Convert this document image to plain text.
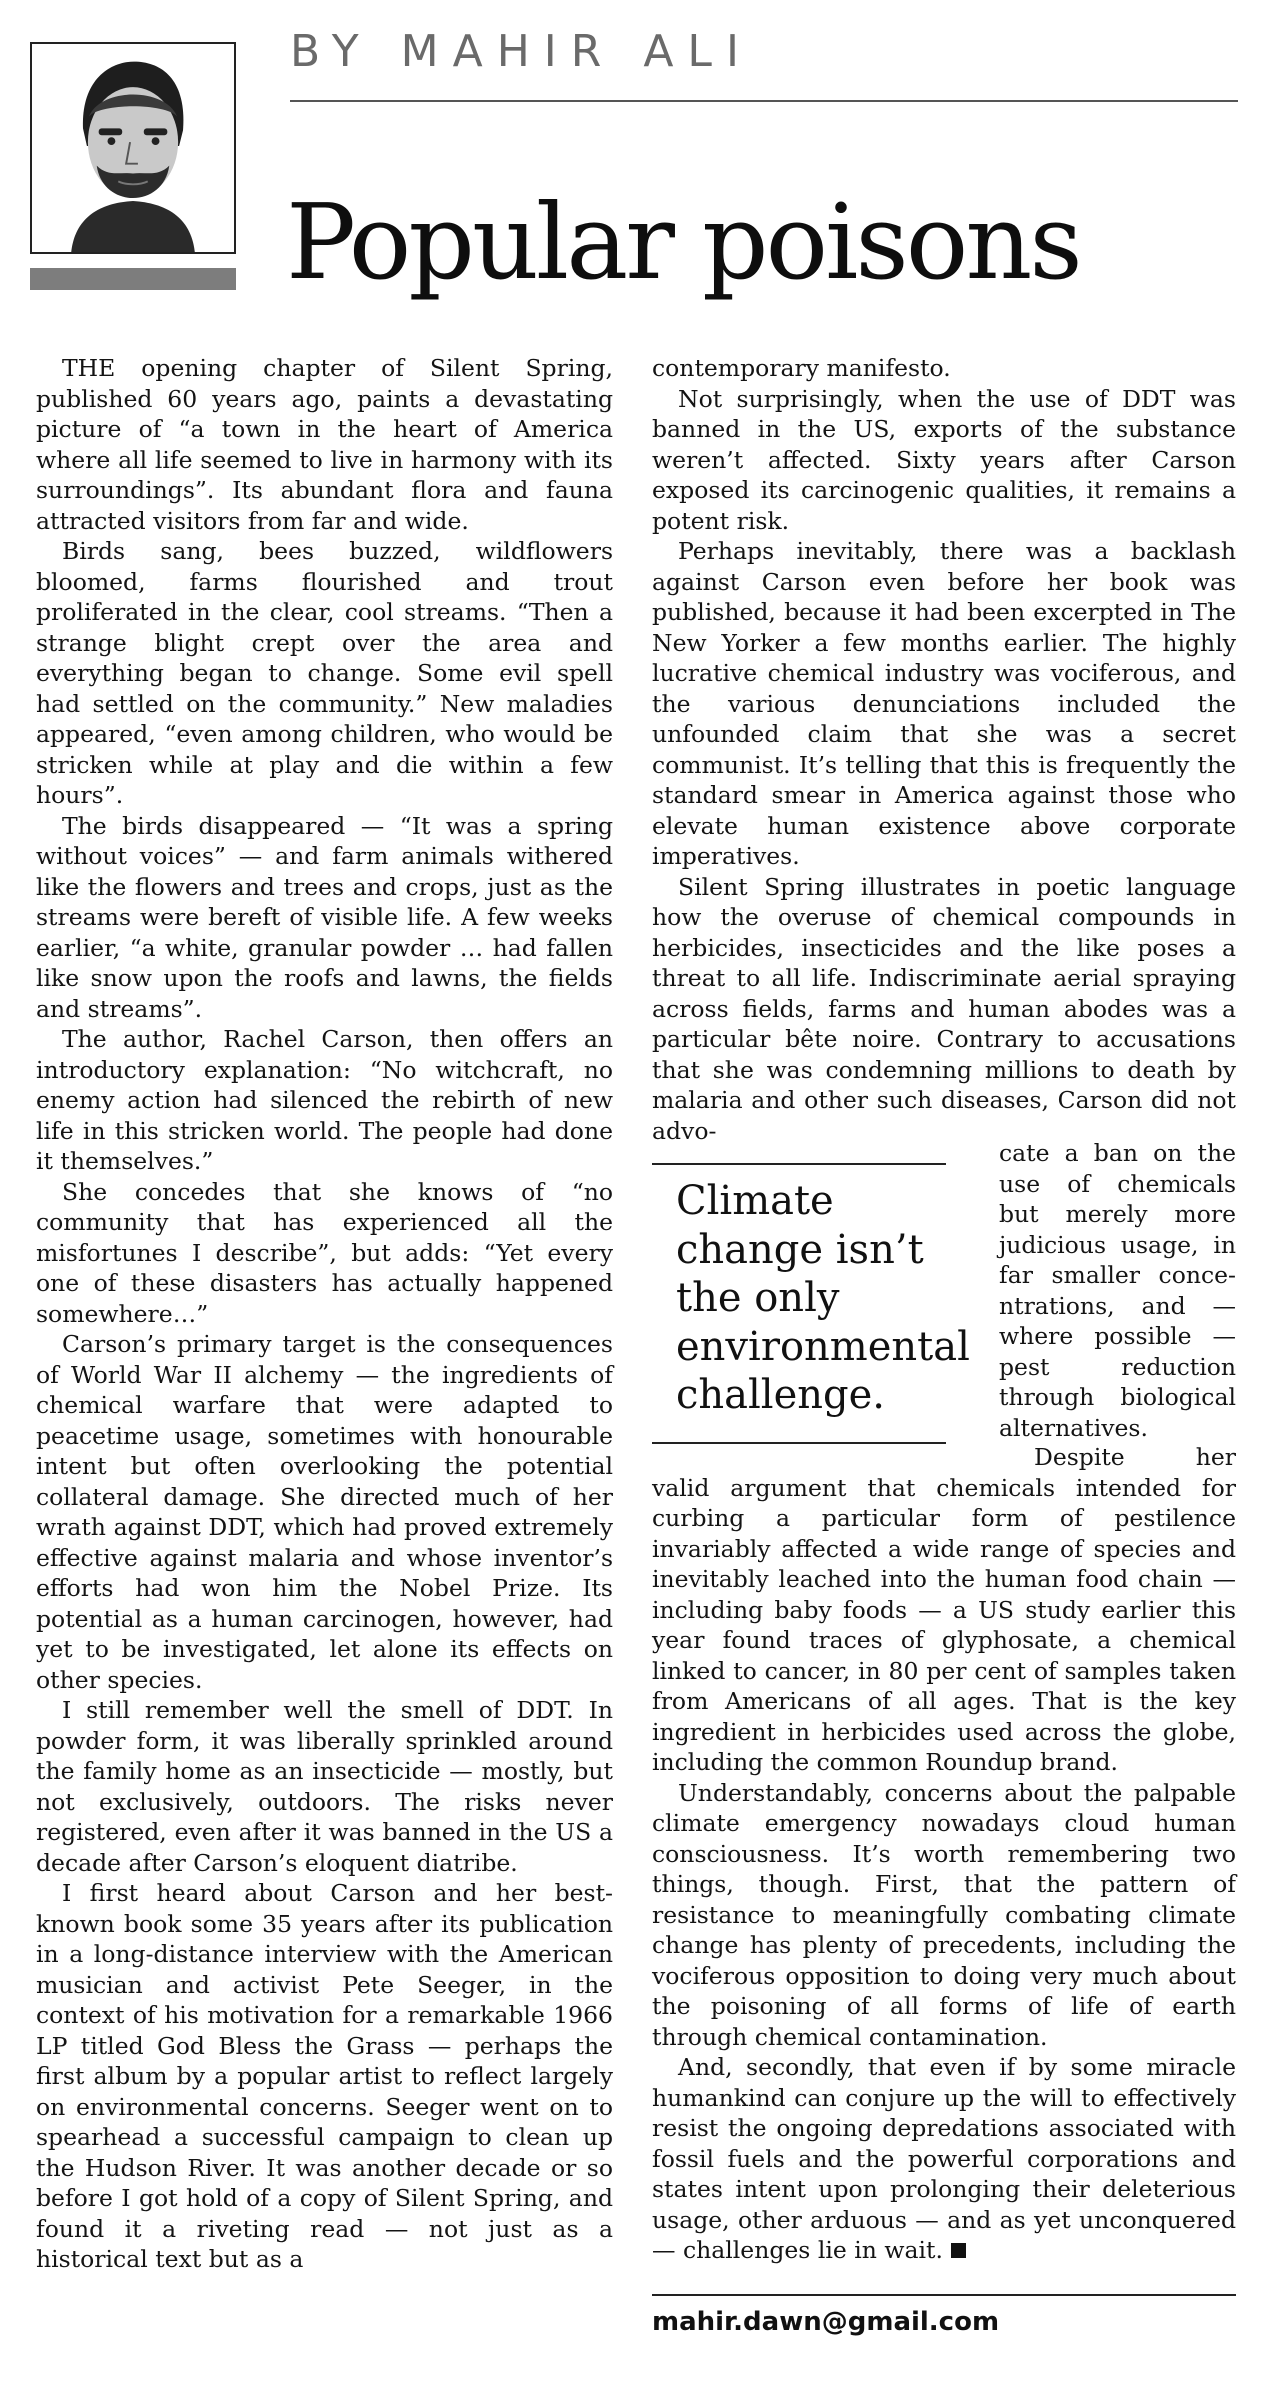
BY MAHIR ALI
Popular poisons

THE opening chapter of Silent Spring, published 60 years ago, paints a devastating picture of “a town in the heart of America where all life seemed to live in harmony with its surroundings”. Its abundant flora and fauna attracted visitors from far and wide.

Birds sang, bees buzzed, wildflowers bloomed, farms flourished and trout proliferated in the clear, cool streams. “Then a strange blight crept over the area and everything began to change. Some evil spell had settled on the community.” New maladies appeared, “even among children, who would be stricken while at play and die within a few hours”.

The birds disappeared — “It was a spring without voices” — and farm animals withered like the flowers and trees and crops, just as the streams were bereft of visible life. A few weeks earlier, “a white, granular powder … had fallen like snow upon the roofs and lawns, the fields and streams”.

The author, Rachel Carson, then offers an introductory explanation: “No witchcraft, no enemy action had silenced the rebirth of new life in this stricken world. The people had done it themselves.”

She concedes that she knows of “no community that has experienced all the misfortunes I describe”, but adds: “Yet every one of these disasters has actually happened somewhere…”

Carson’s primary target is the consequences of World War II alchemy — the ingredients of chemical warfare that were adapted to peacetime usage, sometimes with honourable intent but often overlooking the potential collateral damage. She directed much of her wrath against DDT, which had proved extremely effective against malaria and whose inventor’s efforts had won him the Nobel Prize. Its potential as a human carcinogen, however, had yet to be investigated, let alone its effects on other species.

I still remember well the smell of DDT. In powder form, it was liberally sprinkled around the family home as an insecticide — mostly, but not exclusively, outdoors. The risks never registered, even after it was banned in the US a decade after Carson’s eloquent diatribe.

I first heard about Carson and her best-known book some 35 years after its publication in a long-distance interview with the American musician and activist Pete Seeger, in the context of his motivation for a remarkable 1966 LP titled God Bless the Grass — perhaps the first album by a popular artist to reflect largely on environmental concerns. Seeger went on to spearhead a successful campaign to clean up the Hudson River. It was another decade or so before I got hold of a copy of Silent Spring, and found it a riveting read — not just as a historical text but as a

contemporary manifesto.

Not surprisingly, when the use of DDT was banned in the US, exports of the substance weren’t affected. Sixty years after Carson exposed its carcinogenic qualities, it remains a potent risk.

Perhaps inevitably, there was a backlash against Carson even before her book was published, because it had been excerpted in The New Yorker a few months earlier. The highly lucrative chemical industry was vociferous, and the various denunciations included the unfounded claim that she was a secret communist. It’s telling that this is frequently the standard smear in America against those who elevate human existence above corporate imperatives.

Silent Spring illustrates in poetic language how the overuse of chemical compounds in herbicides, insecticides and the like poses a threat to all life. Indiscriminate aerial spraying across fields, farms and human abodes was a particular bête noire. Contrary to accusations that she was condemning millions to death by malaria and other such diseases, Carson did not advo-

Climate change isn’t the only environmental challenge.

cate a ban on the
use of chemicals
but merely more
judicious usage, in
far smaller conce-
ntrations, and —
where possible —
pest reduction
through biological
alternatives.

Despite her valid argument that chemicals intended for curbing a particular form of pestilence invariably affected a wide range of species and inevitably leached into the human food chain — including baby foods — a US study earlier this year found traces of glyphosate, a chemical linked to cancer, in 80 per cent of samples taken from Americans of all ages. That is the key ingredient in herbicides used across the globe, including the common Roundup brand.

Understandably, concerns about the palpable climate emergency nowadays cloud human consciousness. It’s worth remembering two things, though. First, that the pattern of resistance to meaningfully combating climate change has plenty of precedents, including the vociferous opposition to doing very much about the poisoning of all forms of life of earth through chemical contamination.

And, secondly, that even if by some miracle humankind can conjure up the will to effectively resist the ongoing depredations associated with fossil fuels and the powerful corporations and states intent upon prolonging their deleterious usage, other arduous — and as yet unconquered — challenges lie in wait.

mahir.dawn@gmail.com
